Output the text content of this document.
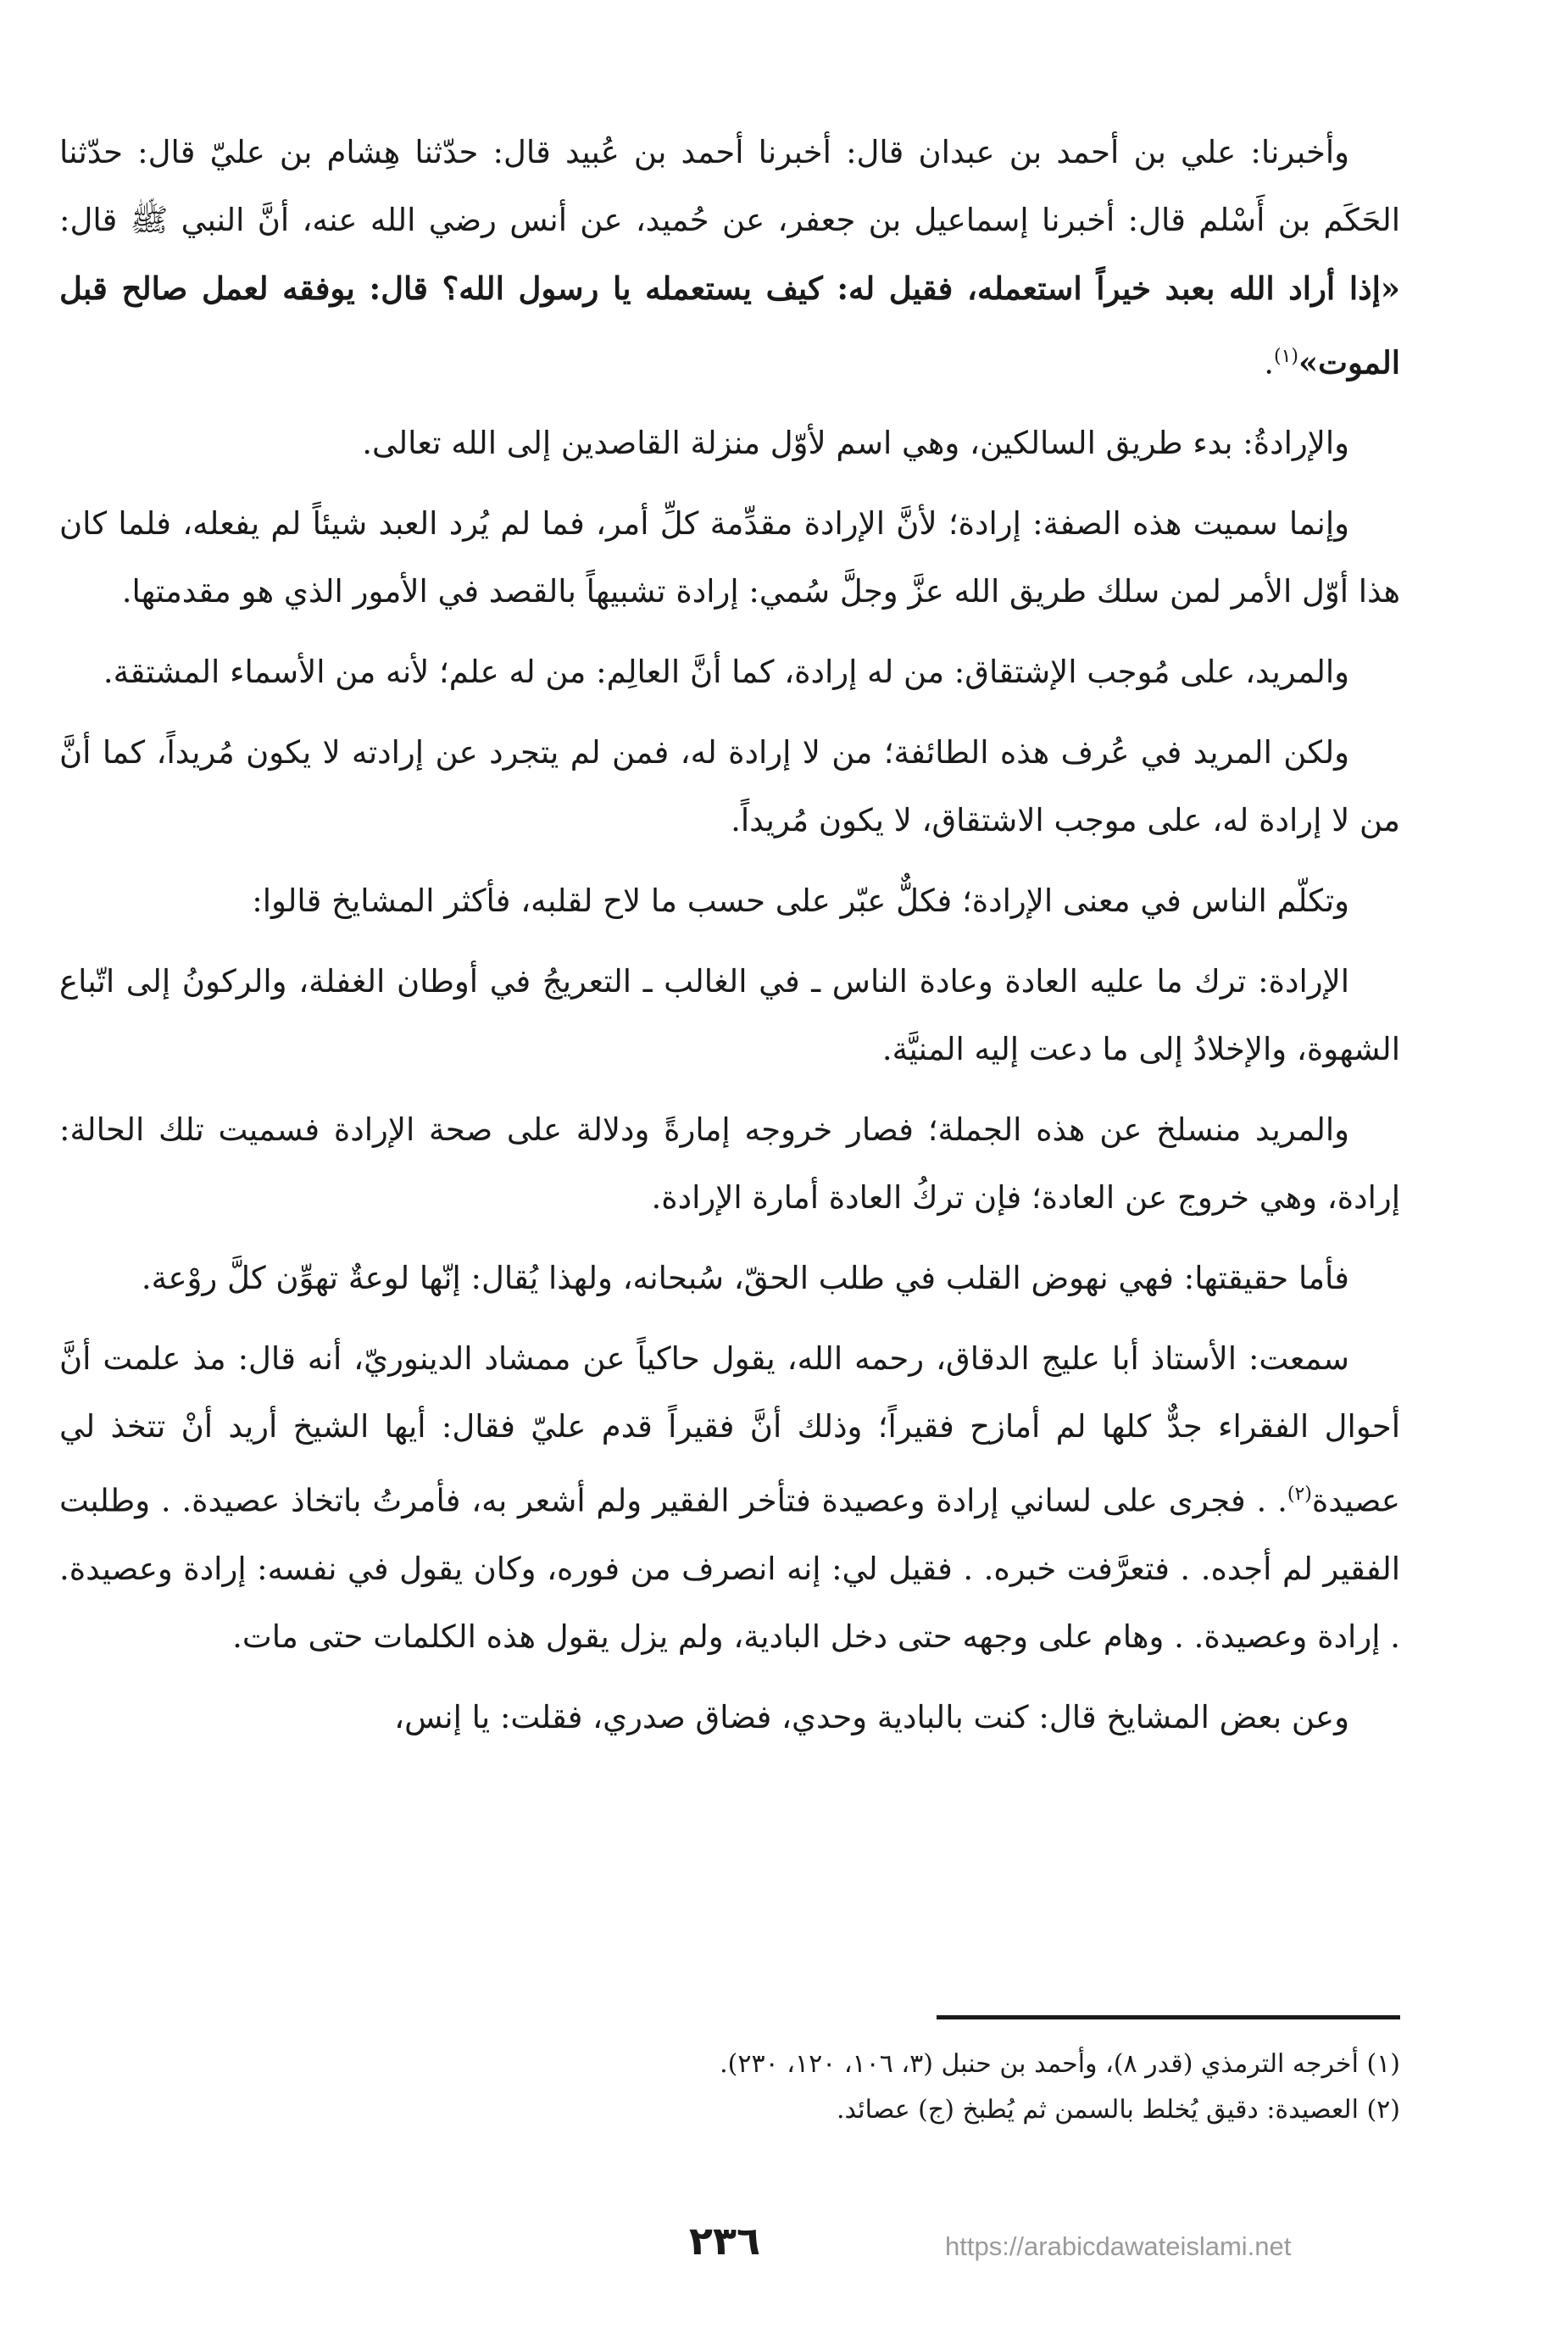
وأخبرنا: علي بن أحمد بن عبدان قال: أخبرنا أحمد بن عُبيد قال: حدّثنا هِشام بن عليّ قال: حدّثنا الحَكَم بن أَسْلم قال: أخبرنا إسماعيل بن جعفر، عن حُميد، عن أنس رضي الله عنه، أنَّ النبي ﷺ قال: «إذا أراد الله بعبد خيراً استعمله، فقيل له: كيف يستعمله يا رسول الله؟ قال: يوفقه لعمل صالح قبل الموت»$^{(١)}$.

والإرادةُ: بدء طريق السالكين، وهي اسم لأوّل منزلة القاصدين إلى الله تعالى.

وإنما سميت هذه الصفة: إرادة؛ لأنَّ الإرادة مقدِّمة كلِّ أمر، فما لم يُرد العبد شيئاً لم يفعله، فلما كان هذا أوّل الأمر لمن سلك طريق الله عزَّ وجلَّ سُمي: إرادة تشبيهاً بالقصد في الأمور الذي هو مقدمتها.

والمريد، على مُوجب الإشتقاق: من له إرادة، كما أنَّ العالِم: من له علم؛ لأنه من الأسماء المشتقة.

ولكن المريد في عُرف هذه الطائفة؛ من لا إرادة له، فمن لم يتجرد عن إرادته لا يكون مُريداً، كما أنَّ من لا إرادة له، على موجب الاشتقاق، لا يكون مُريداً.

وتكلّم الناس في معنى الإرادة؛ فكلٌّ عبّر على حسب ما لاح لقلبه، فأكثر المشايخ قالوا:

الإرادة: ترك ما عليه العادة وعادة الناس ـ في الغالب ـ التعريجُ في أوطان الغفلة، والركونُ إلى اتّباع الشهوة، والإخلادُ إلى ما دعت إليه المنيَّة.

والمريد منسلخ عن هذه الجملة؛ فصار خروجه إمارةً ودلالة على صحة الإرادة فسميت تلك الحالة: إرادة، وهي خروج عن العادة؛ فإن تركُ العادة أمارة الإرادة.

فأما حقيقتها: فهي نهوض القلب في طلب الحقّ، سُبحانه، ولهذا يُقال: إنّها لوعةٌ تهوِّن كلَّ روْعة.

سمعت: الأستاذ أبا عليج الدقاق، رحمه الله، يقول حاكياً عن ممشاد الدينوريّ، أنه قال: مذ علمت أنَّ أحوال الفقراء جدٌّ كلها لم أمازح فقيراً؛ وذلك أنَّ فقيراً قدم عليّ فقال: أيها الشيخ أريد أنْ تتخذ لي عصيدة$^{(٢)}$. . فجرى على لساني إرادة وعصيدة فتأخر الفقير ولم أشعر به، فأمرتُ باتخاذ عصيدة. . وطلبت الفقير لم أجده. . فتعرَّفت خبره. . فقيل لي: إنه انصرف من فوره، وكان يقول في نفسه: إرادة وعصيدة. . إرادة وعصيدة. . وهام على وجهه حتى دخل البادية، ولم يزل يقول هذه الكلمات حتى مات.

وعن بعض المشايخ قال: كنت بالبادية وحدي، فضاق صدري، فقلت: يا إنس،

(١) أخرجه الترمذي (قدر ٨)، وأحمد بن حنبل (٣، ١٠٦، ١٢٠، ٢٣٠).

(٢) العصيدة: دقيق يُخلط بالسمن ثم يُطبخ (ج) عصائد.

٢٣٦	https://arabicdawateislami.net
